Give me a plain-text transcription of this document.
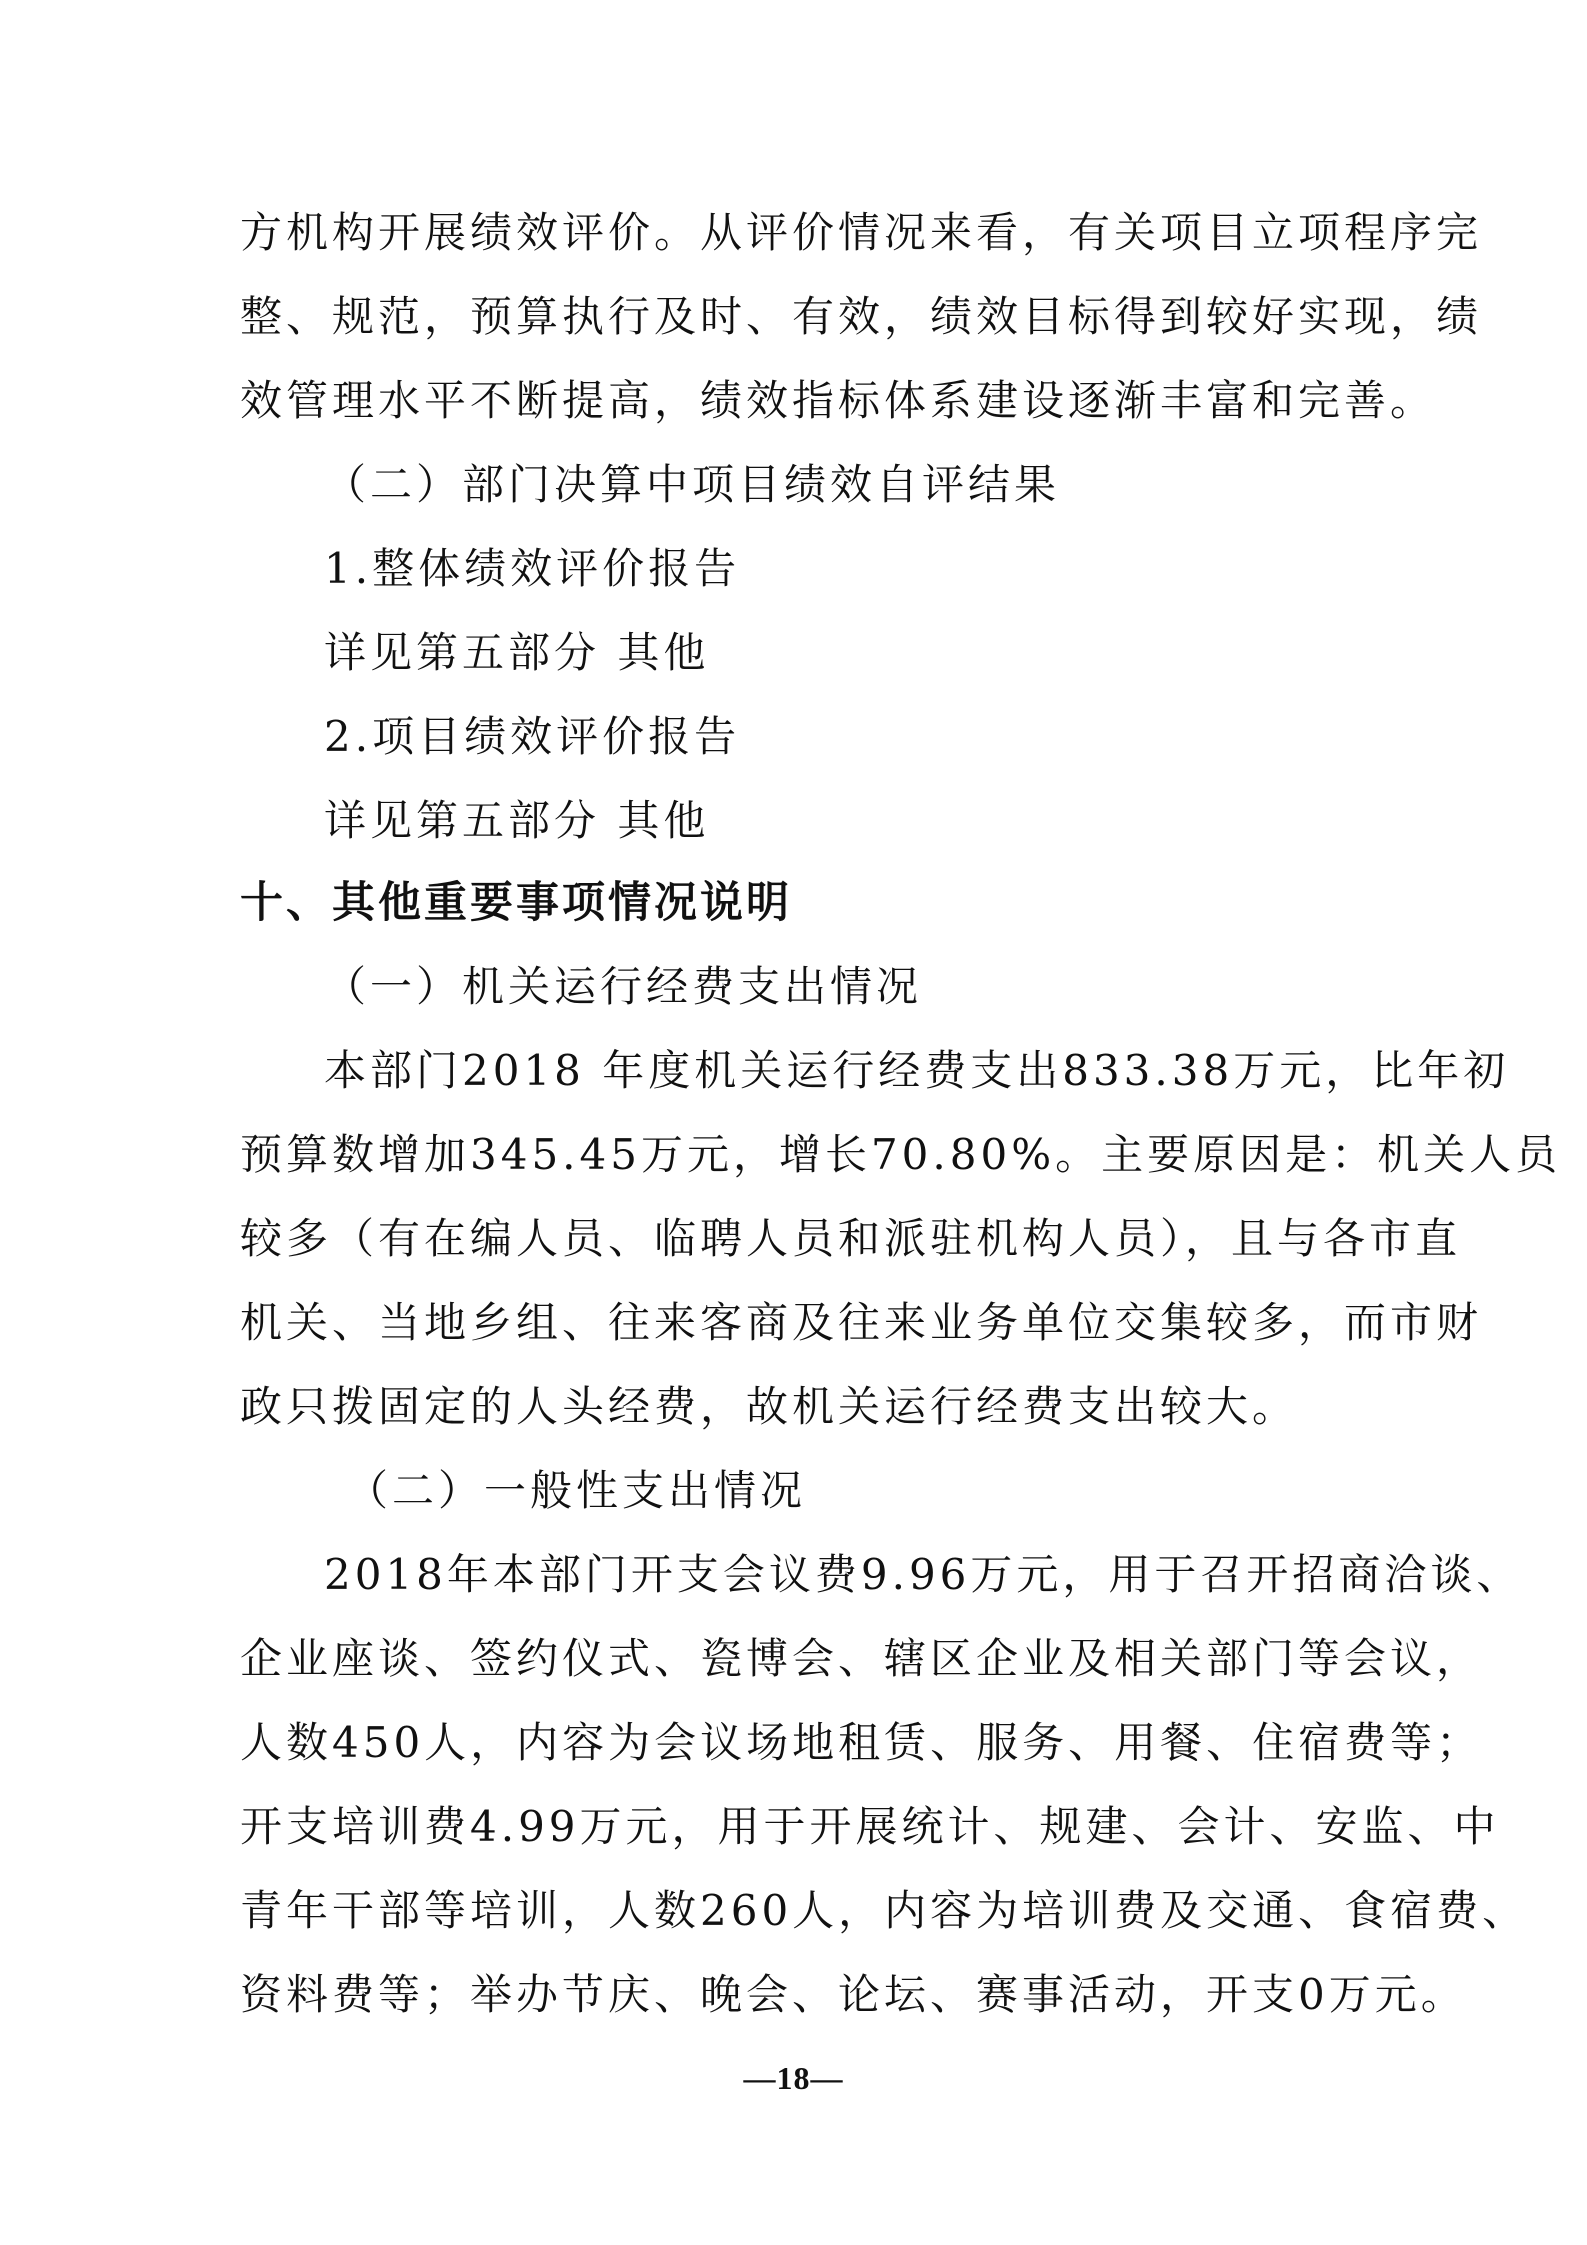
方机构开展绩效评价。从评价情况来看，有关项目立项程序完
整、规范，预算执行及时、有效，绩效目标得到较好实现，绩
效管理水平不断提高，绩效指标体系建设逐渐丰富和完善。
（二）部门决算中项目绩效自评结果
1.整体绩效评价报告
详见第五部分 其他
2.项目绩效评价报告
详见第五部分 其他
十、其他重要事项情况说明
（一）机关运行经费支出情况
本部门2018 年度机关运行经费支出833.38万元，比年初
预算数增加345.45万元，增长70.80%。主要原因是：机关人员
较多（有在编人员、临聘人员和派驻机构人员），且与各市直
机关、当地乡组、往来客商及往来业务单位交集较多，而市财
政只拨固定的人头经费，故机关运行经费支出较大。
（二）一般性支出情况
2018年本部门开支会议费9.96万元，用于召开招商洽谈、
企业座谈、签约仪式、瓷博会、辖区企业及相关部门等会议，
人数450人，内容为会议场地租赁、服务、用餐、住宿费等；
开支培训费4.99万元，用于开展统计、规建、会计、安监、中
青年干部等培训，人数260人，内容为培训费及交通、食宿费、
资料费等；举办节庆、晚会、论坛、赛事活动，开支0万元。
—18—
